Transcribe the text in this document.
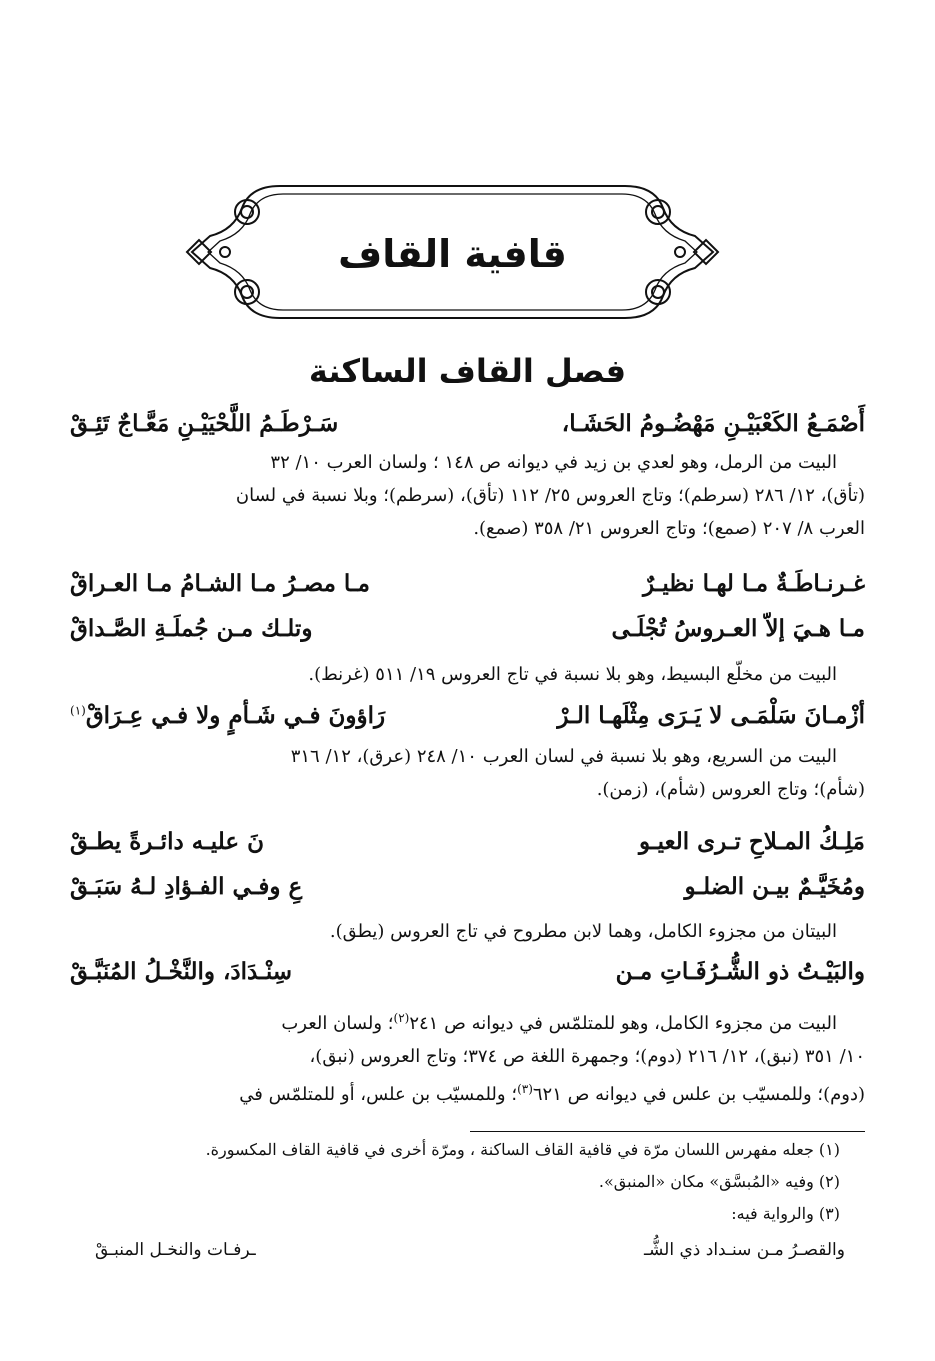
قافية القاف
فصل القاف الساكنة
أَصْمَـعُ الكَعْبَيْـنِ مَهْضُـومُ الحَشَـا،
سَـرْطَـمُ اللَّحْيَيْـنِ مَعَّـاجٌ تَئِـقْ
البيت من الرمل، وهو لعدي بن زيد في ديوانه ص ١٤٨ ؛ ولسان العرب ١٠/ ٣٢
(تأق)، ١٢/ ٢٨٦ (سرطم)؛ وتاج العروس ٢٥/ ١١٢ (تأق)، (سرطم)؛ وبلا نسبة في لسان
العرب ٨/ ٢٠٧ (صمع)؛ وتاج العروس ٢١/ ٣٥٨ (صمع).
غـرنـاطَـةٌ مـا لهـا نظيـرٌ
مـا مصـرُ مـا الشـامُ مـا العـراقْ
مـا هـيَ إلاّ العـروسُ تُجْلَـى
وتلـك مـن جُملَـةِ الصَّـداقْ
البيت من مخلّع البسيط، وهو بلا نسبة في تاج العروس ١٩/ ٥١١ (غرنط).
أزْمـانَ سَلْمَـى لا يَـرَى مِثْلَهـا الـرْ
رَاؤونَ فـي شَـأمٍ ولا فـي عِـرَاقْ$^{(١)}$
البيت من السريع، وهو بلا نسبة في لسان العرب ١٠/ ٢٤٨ (عرق)، ١٢/ ٣١٦
(شأم)؛ وتاج العروس (شأم)، (زمن).
مَلِـكُ المـلاحِ تـرى العيـو
نَ عليـه دائـرةً يطـقْ
ومُخَيَّـمٌ بيـن الضلـو
عِ وفـي الفـؤادِ لـهُ سَبَـقْ
البيتان من مجزوء الكامل، وهما لابن مطروح في تاج العروس (يطق).
والبَيْـتُ ذو الشُّـرُفَـاتِ مـن
سِنْـدَادَ، والنَّخْـلُ المُنَبَّـقْ
البيت من مجزوء الكامل، وهو للمتلمّس في ديوانه ص ٢٤١$^{(٢)}$؛ ولسان العرب
١٠/ ٣٥١ (نبق)، ١٢/ ٢١٦ (دوم)؛ وجمهرة اللغة ص ٣٧٤؛ وتاج العروس (نبق)،
(دوم)؛ وللمسيّب بن علس في ديوانه ص ٦٢١$^{(٣)}$؛ وللمسيّب بن علس، أو للمتلمّس في
(١) جعله مفهرس اللسان مرّة في قافية القاف الساكنة ، ومرّة أخرى في قافية القاف المكسورة.
(٢) وفيه «المُبسَّق» مكان «المنبق».
(٣) والرواية فيه:
والقصـرُ مـن سنـداد ذي الشُّـ
ـرفـات والنخـل المنبـقْ
